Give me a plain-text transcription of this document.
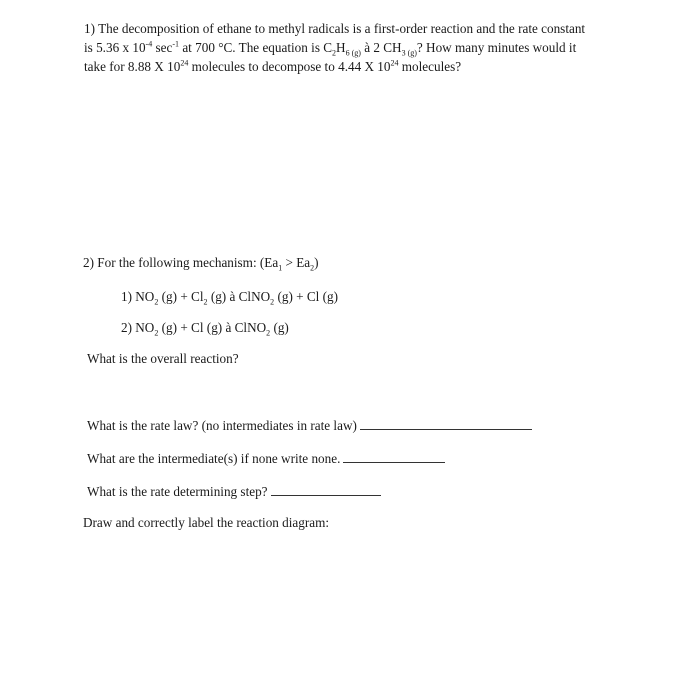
1) The decomposition of ethane to methyl radicals is a first-order reaction and the rate constant
is 5.36 x $10^{-4}$ $\sec^{-1}$ at 700 °C. The equation is $C_2H_{6 (g)}$ à 2 $CH_{3 (g)}$? How many minutes would it
take for 8.88 X $10^{24}$ molecules to decompose to 4.44 X $10^{24}$ molecules?
2) For the following mechanism: $(Ea_1 > Ea_2)$
1) $NO_2$ $(g) + Cl_2$ (g) à ClNO$_2$ (g) + Cl (g)
2) $NO_2$ (g) + Cl (g) à ClNO$_2$ (g)
What is the overall reaction?
What is the rate law? (no intermediates in rate law)
What are the intermediate(s) if none write none.
What is the rate determining step?
Draw and correctly label the reaction diagram:
